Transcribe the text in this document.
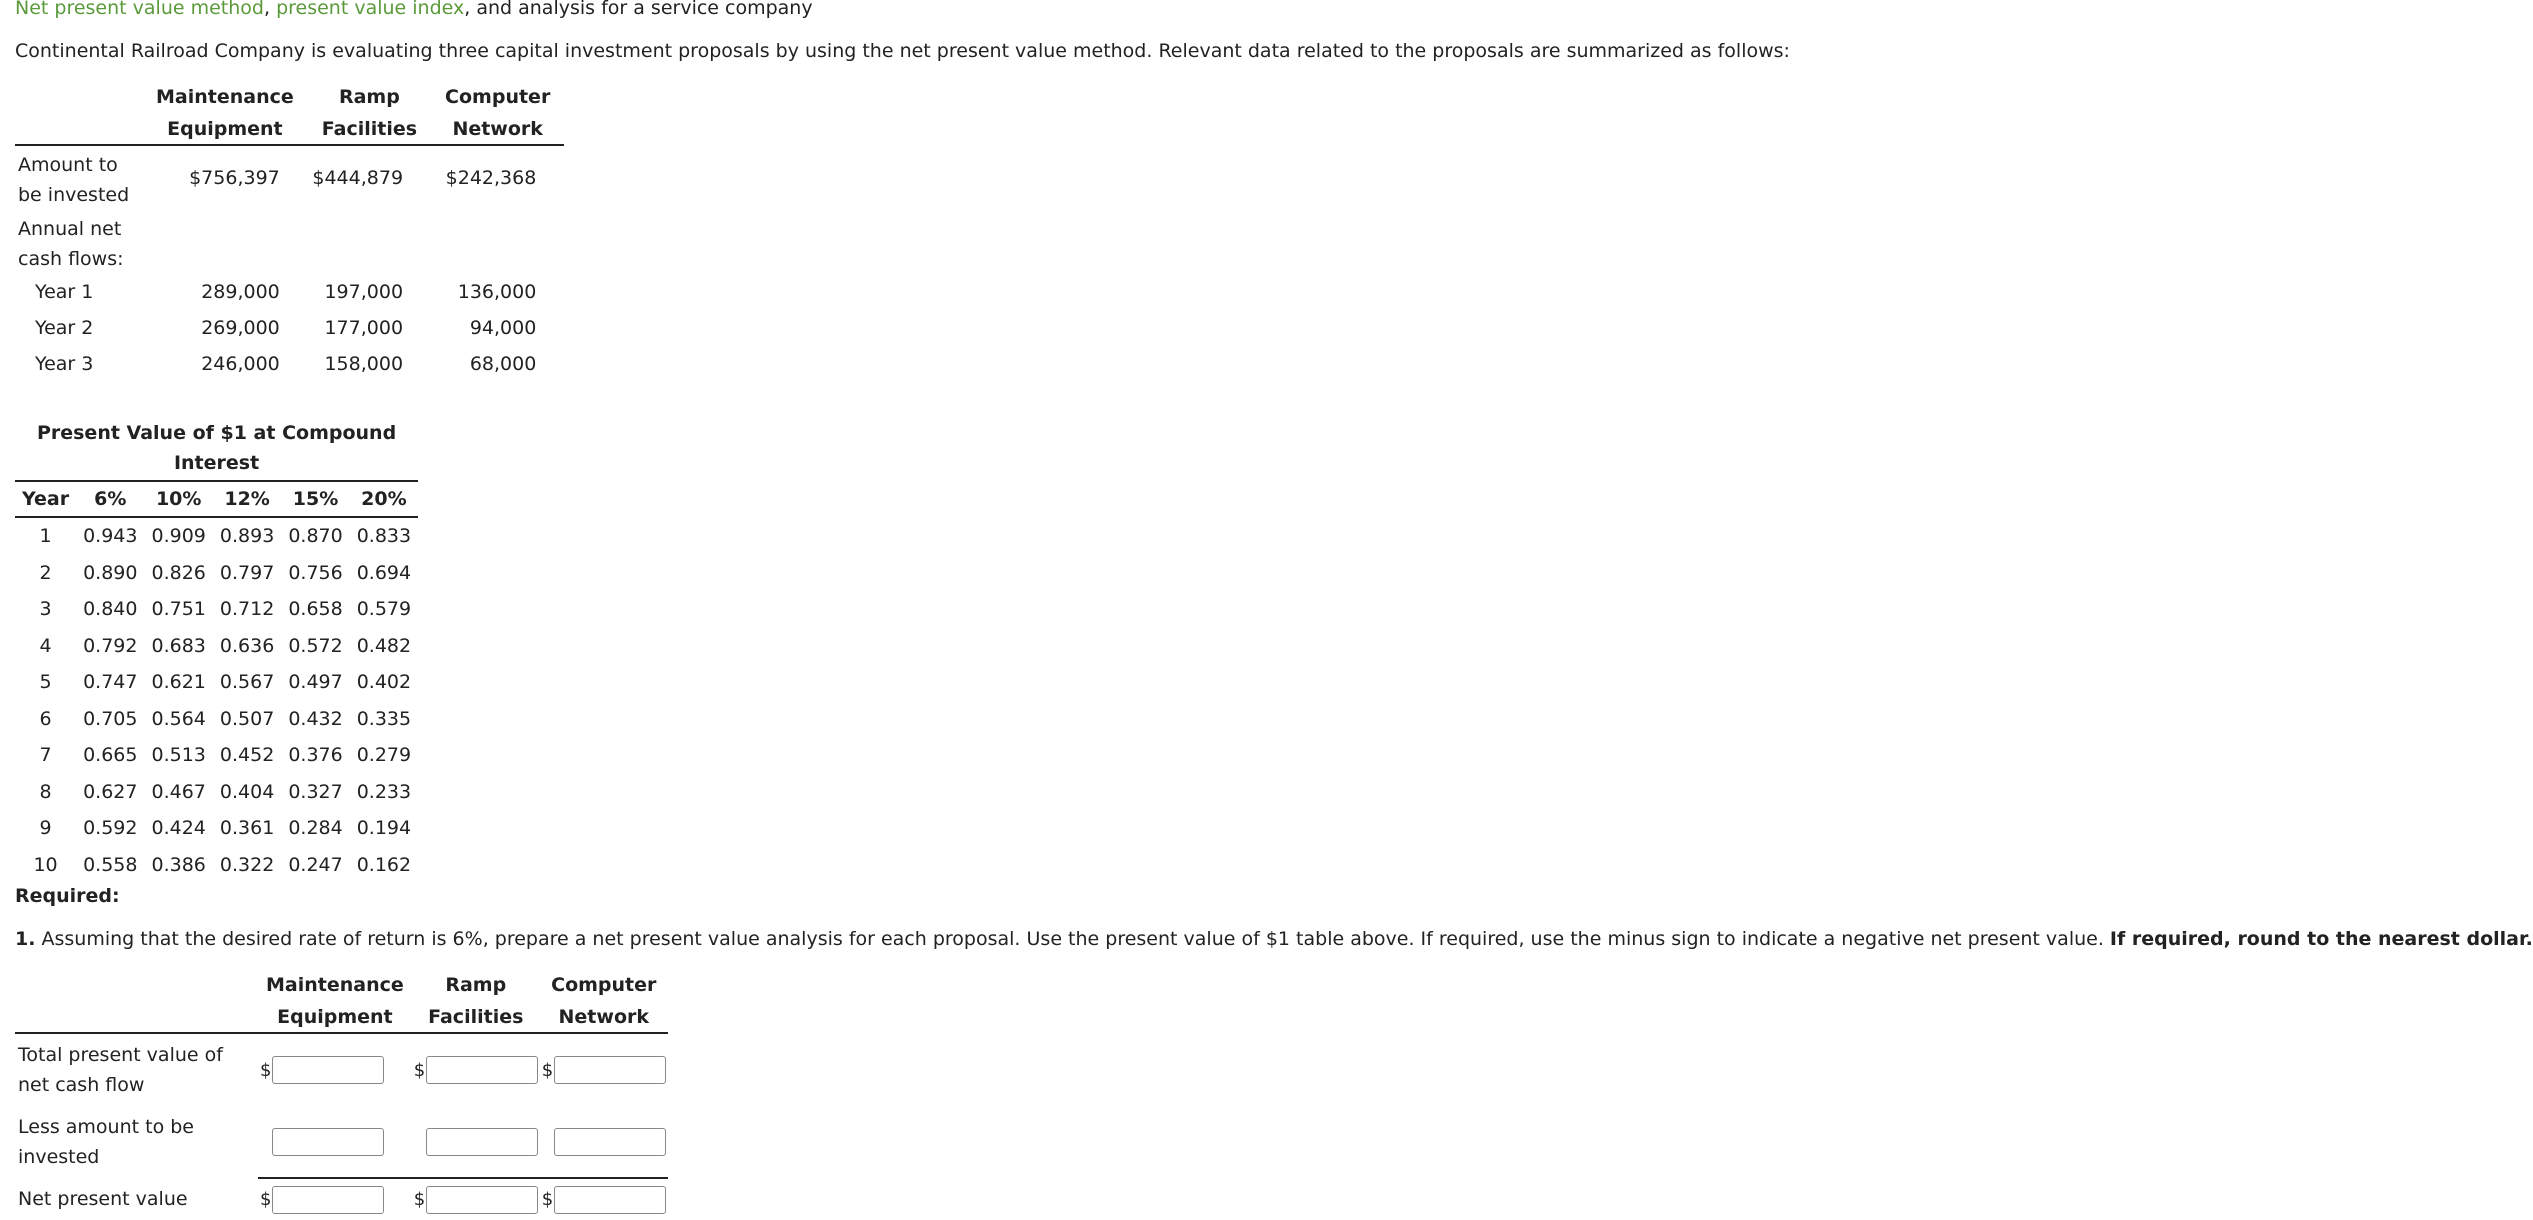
Net present value method, present value index, and analysis for a service company
Continental Railroad Company is evaluating three capital investment proposals by using the net present value method. Relevant data related to the proposals are summarized as follows:
	Maintenance	Ramp	Computer
	Equipment	Facilities	Network

Amount to
be invested	$756,397	$444,879	$242,368

Annual net
cash flows:			

Year 1	289,000	197,000	136,000
Year 2	269,000	177,000	94,000
Year 3	246,000	158,000	68,000
Present Value of $1 at Compound
Interest					

Year	6%	10%	12%	15%	20%
1	0.943	0.909	0.893	0.870	0.833
2	0.890	0.826	0.797	0.756	0.694
3	0.840	0.751	0.712	0.658	0.579
4	0.792	0.683	0.636	0.572	0.482
5	0.747	0.621	0.567	0.497	0.402
6	0.705	0.564	0.507	0.432	0.335
7	0.665	0.513	0.452	0.376	0.279
8	0.627	0.467	0.404	0.327	0.233
9	0.592	0.424	0.361	0.284	0.194
10	0.558	0.386	0.322	0.247	0.162
Required:
1. Assuming that the desired rate of return is 6%, prepare a net present value analysis for each proposal. Use the present value of $1 table above. If required, use the minus sign to indicate a negative net present value. If required, round to the nearest dollar.
	Maintenance	Ramp	Computer
	Equipment	Facilities	Network
Total present value of net cash flow	$	$	$
Less amount to be invested			
Net present value	$	$	$
